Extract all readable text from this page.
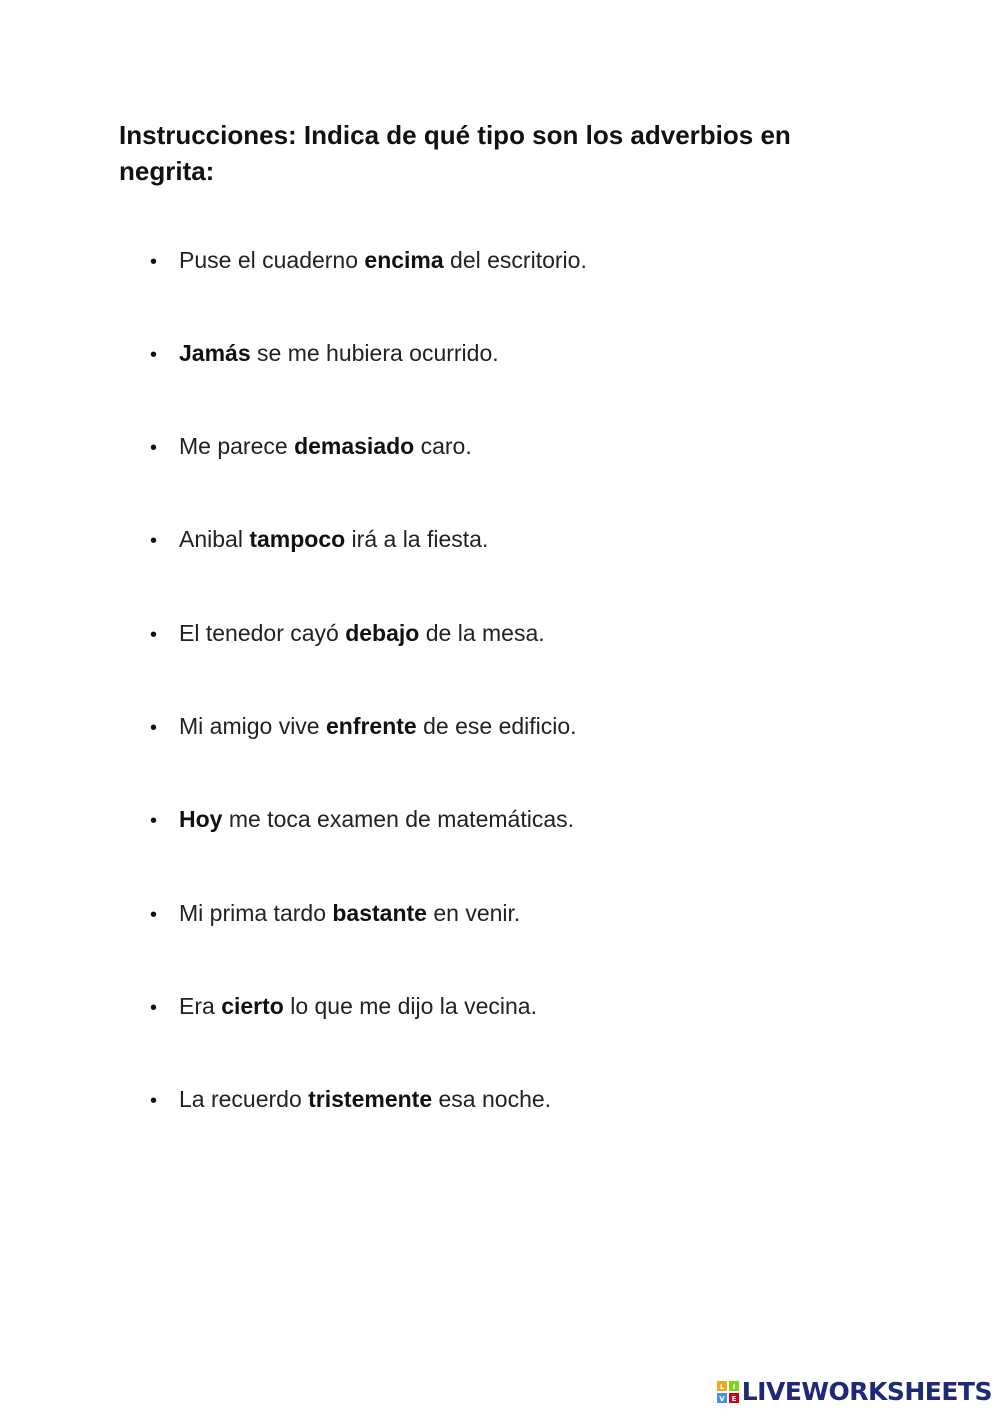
Instrucciones: Indica de qué tipo son los adverbios en negrita:
• Puse el cuaderno encima del escritorio.
• Jamás se me hubiera ocurrido.
• Me parece demasiado caro.
• Anibal tampoco irá a la fiesta.
• El tenedor cayó debajo de la mesa.
• Mi amigo vive enfrente de ese edificio.
• Hoy me toca examen de matemáticas.
• Mi prima tardo bastante en venir.
• Era cierto lo que me dijo la vecina.
• La recuerdo tristemente esa noche.
L I
V E LIVEWORKSHEETS
